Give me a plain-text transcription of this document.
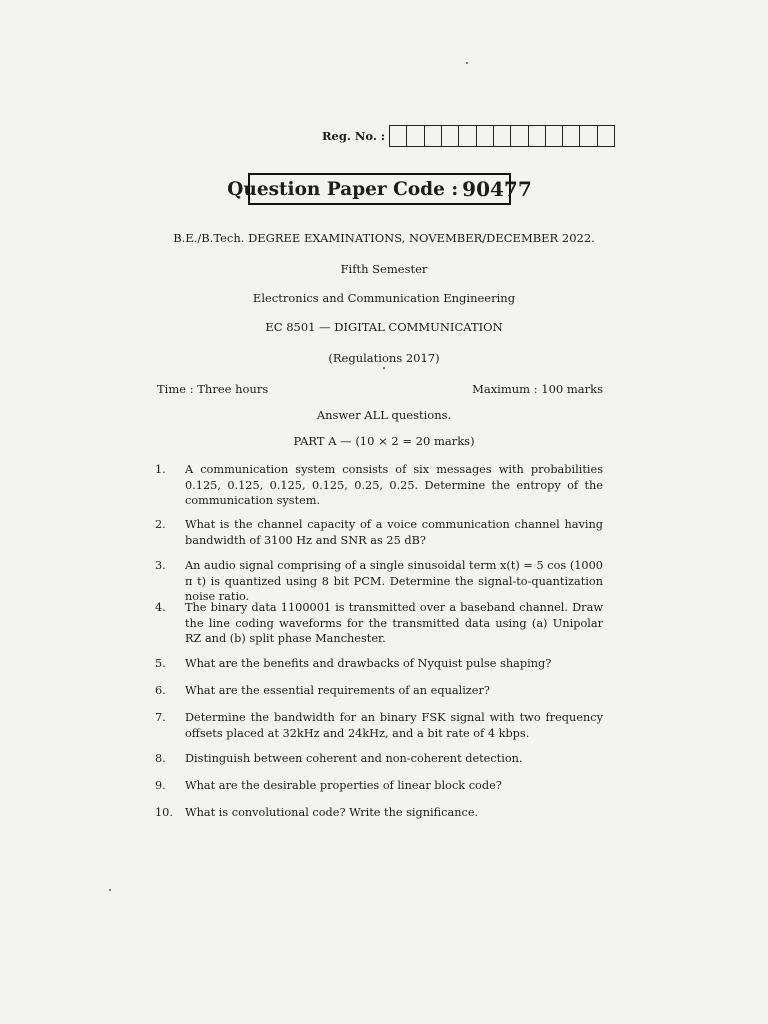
Reg. No. :
Question Paper Code : 90477
B.E./B.Tech. DEGREE EXAMINATIONS, NOVEMBER/DECEMBER 2022.
Fifth Semester
Electronics and Communication Engineering
EC 8501 — DIGITAL COMMUNICATION
(Regulations 2017)
Time : Three hours	Maximum : 100 marks
Answer ALL questions.
PART A — (10 × 2 = 20 marks)
1.	A communication system consists of six messages with probabilities 0.125, 0.125, 0.125, 0.125, 0.25, 0.25. Determine the entropy of the communication system.
2.	What is the channel capacity of a voice communication channel having bandwidth of 3100 Hz and SNR as 25 dB?
3.	An audio signal comprising of a single sinusoidal term x(t) = 5 cos (1000 π t) is quantized using 8 bit PCM. Determine the signal-to-quantization noise ratio.
4.	The binary data 1100001 is transmitted over a baseband channel. Draw the line coding waveforms for the transmitted data using (a) Unipolar RZ and (b) split phase Manchester.
5.	What are the benefits and drawbacks of Nyquist pulse shaping?
6.	What are the essential requirements of an equalizer?
7.	Determine the bandwidth for an binary FSK signal with two frequency offsets placed at 32kHz and 24kHz, and a bit rate of 4 kbps.
8.	Distinguish between coherent and non-coherent detection.
9.	What are the desirable properties of linear block code?
10.	What is convolutional code? Write the significance.
